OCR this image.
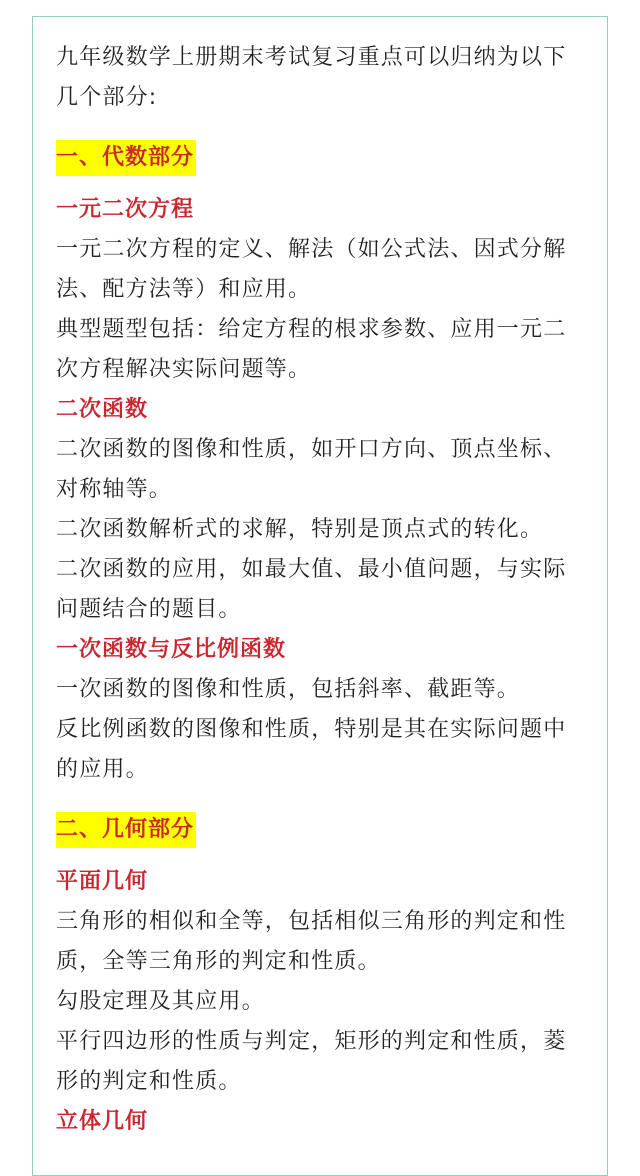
九年级数学上册期末考试复习重点可以归纳为以下几个部分:

一、代数部分
一元二次方程

一元二次方程的定义、解法（如公式法、因式分解法、配方法等）和应用。

典型题型包括：给定方程的根求参数、应用一元二次方程解决实际问题等。

二次函数

二次函数的图像和性质，如开口方向、顶点坐标、对称轴等。

二次函数解析式的求解，特别是顶点式的转化。

二次函数的应用，如最大值、最小值问题，与实际问题结合的题目。

一次函数与反比例函数

一次函数的图像和性质，包括斜率、截距等。

反比例函数的图像和性质，特别是其在实际问题中的应用。

二、几何部分
平面几何

三角形的相似和全等，包括相似三角形的判定和性质，全等三角形的判定和性质。

勾股定理及其应用。

平行四边形的性质与判定，矩形的判定和性质，菱形的判定和性质。

立体几何
